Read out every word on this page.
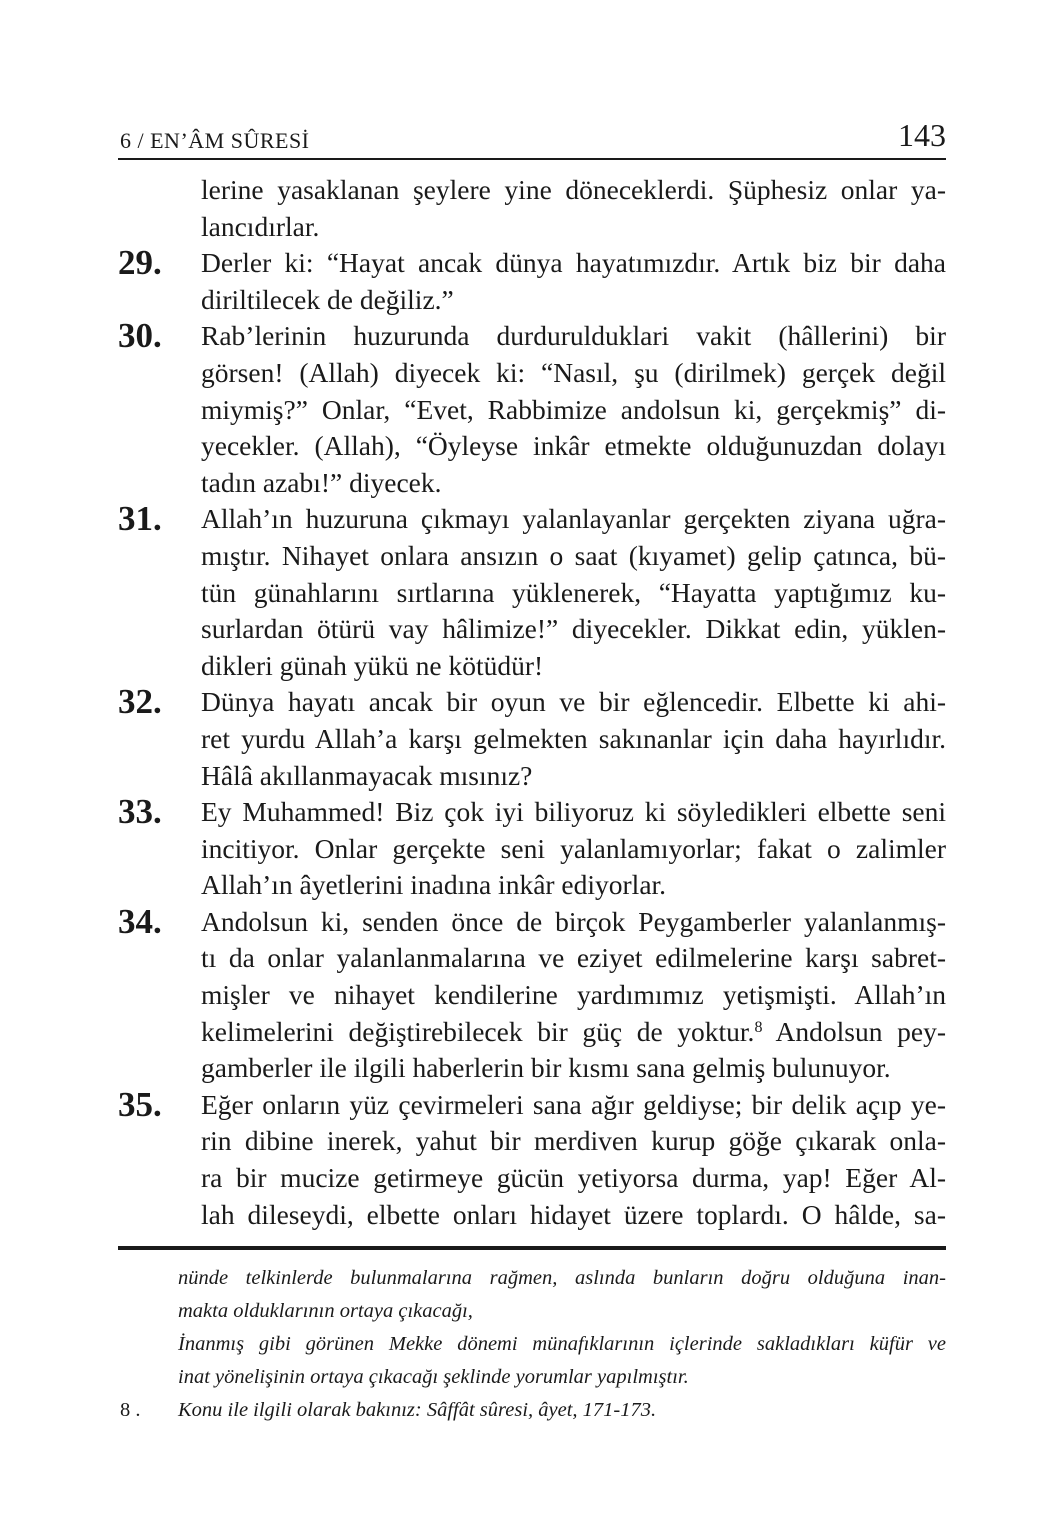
6 / EN’ÂM SÛRESİ	143
lerine yasaklanan şeylere yine döneceklerdi. Şüphesiz onlar ya-
lancıdırlar.
29. Derler ki: “Hayat ancak dünya hayatımızdır. Artık biz bir daha
diriltilecek de değiliz.”
30. Rab’lerinin huzurunda durdurulduklari vakit (hâllerini) bir
görsen! (Allah) diyecek ki: “Nasıl, şu (dirilmek) gerçek değil
miymiş?” Onlar, “Evet, Rabbimize andolsun ki, gerçekmiş” di-
yecekler. (Allah), “Öyleyse inkâr etmekte olduğunuzdan dolayı
tadın azabı!” diyecek.
31. Allah’ın huzuruna çıkmayı yalanlayanlar gerçekten ziyana uğra-
mıştır. Nihayet onlara ansızın o saat (kıyamet) gelip çatınca, bü-
tün günahlarını sırtlarına yüklenerek, “Hayatta yaptığımız ku-
surlardan ötürü vay hâlimize!” diyecekler. Dikkat edin, yüklen-
dikleri günah yükü ne kötüdür!
32. Dünya hayatı ancak bir oyun ve bir eğlencedir. Elbette ki ahi-
ret yurdu Allah’a karşı gelmekten sakınanlar için daha hayırlıdır.
Hâlâ akıllanmayacak mısınız?
33. Ey Muhammed! Biz çok iyi biliyoruz ki söyledikleri elbette seni
incitiyor. Onlar gerçekte seni yalanlamıyorlar; fakat o zalimler
Allah’ın âyetlerini inadına inkâr ediyorlar.
34. Andolsun ki, senden önce de birçok Peygamberler yalanlanmış-
tı da onlar yalanlanmalarına ve eziyet edilmelerine karşı sabret-
mişler ve nihayet kendilerine yardımımız yetişmişti. Allah’ın
kelimelerini değiştirebilecek bir güç de yoktur.$^8$ Andolsun pey-
gamberler ile ilgili haberlerin bir kısmı sana gelmiş bulunuyor.
35. Eğer onların yüz çevirmeleri sana ağır geldiyse; bir delik açıp ye-
rin dibine inerek, yahut bir merdiven kurup göğe çıkarak onla-
ra bir mucize getirmeye gücün yetiyorsa durma, yap! Eğer Al-
lah dileseydi, elbette onları hidayet üzere toplardı. O hâlde, sa-
nünde telkinlerde bulunmalarına rağmen, aslında bunların doğru olduğuna inan-
makta olduklarının ortaya çıkacağı,
İnanmış gibi görünen Mekke dönemi münafıklarının içlerinde sakladıkları küfür ve
inat yönelişinin ortaya çıkacağı şeklinde yorumlar yapılmıştır.
8 .	Konu ile ilgili olarak bakınız: Sâffât sûresi, âyet, 171-173.
